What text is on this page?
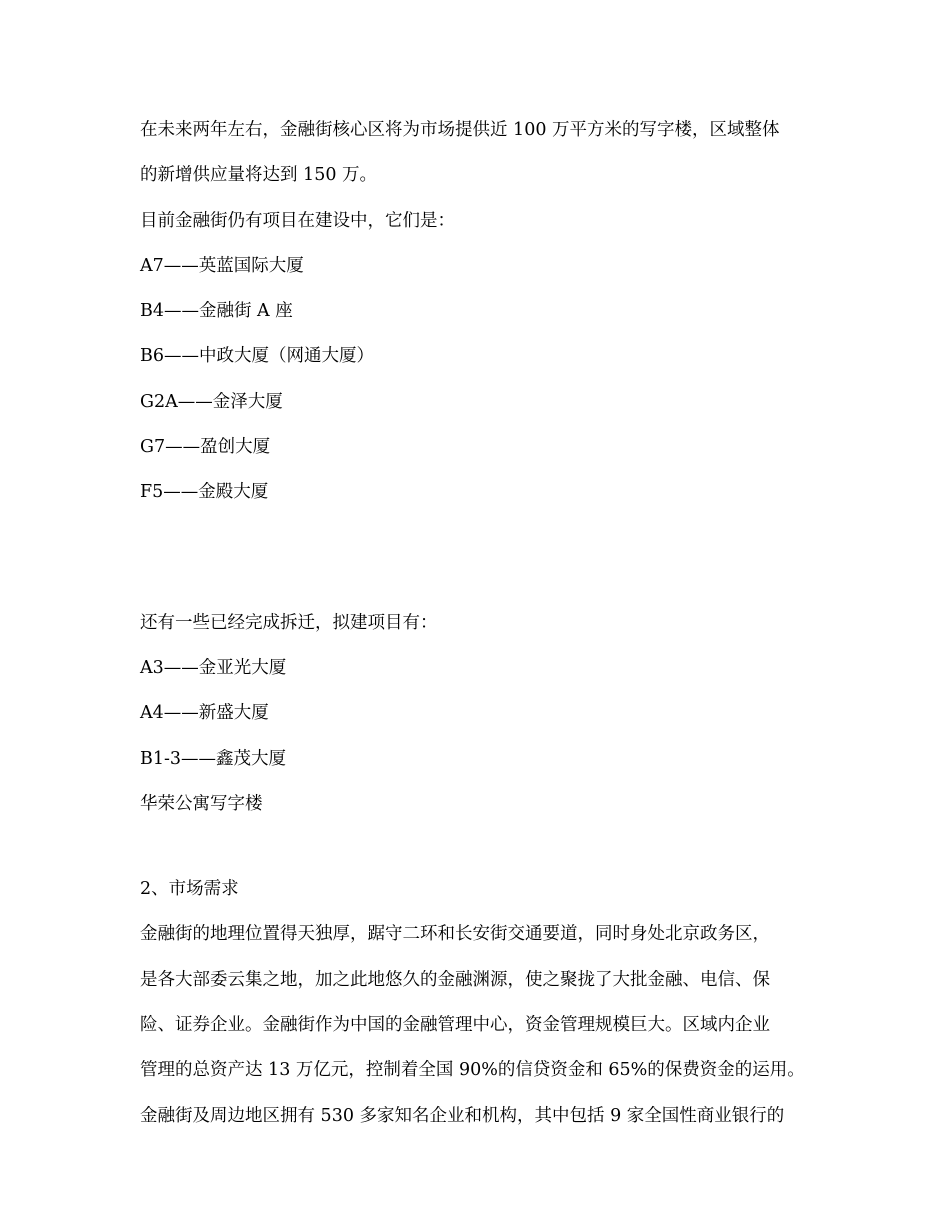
在未来两年左右，金融街核心区将为市场提供近 100 万平方米的写字楼，区域整体
的新增供应量将达到 150 万。
目前金融街仍有项目在建设中，它们是：
A7——英蓝国际大厦
B4——金融街 A 座
B6——中政大厦（网通大厦）
G2A——金泽大厦
G7——盈创大厦
F5——金殿大厦
还有一些已经完成拆迁，拟建项目有：
A3——金亚光大厦
A4——新盛大厦
B1-3——鑫茂大厦
华荣公寓写字楼
2、市场需求
金融街的地理位置得天独厚，踞守二环和长安街交通要道，同时身处北京政务区，
是各大部委云集之地，加之此地悠久的金融渊源，使之聚拢了大批金融、电信、保
险、证券企业。金融街作为中国的金融管理中心，资金管理规模巨大。区域内企业
管理的总资产达 13 万亿元，控制着全国 90%的信贷资金和 65%的保费资金的运用。
金融街及周边地区拥有 530 多家知名企业和机构，其中包括 9 家全国性商业银行的
